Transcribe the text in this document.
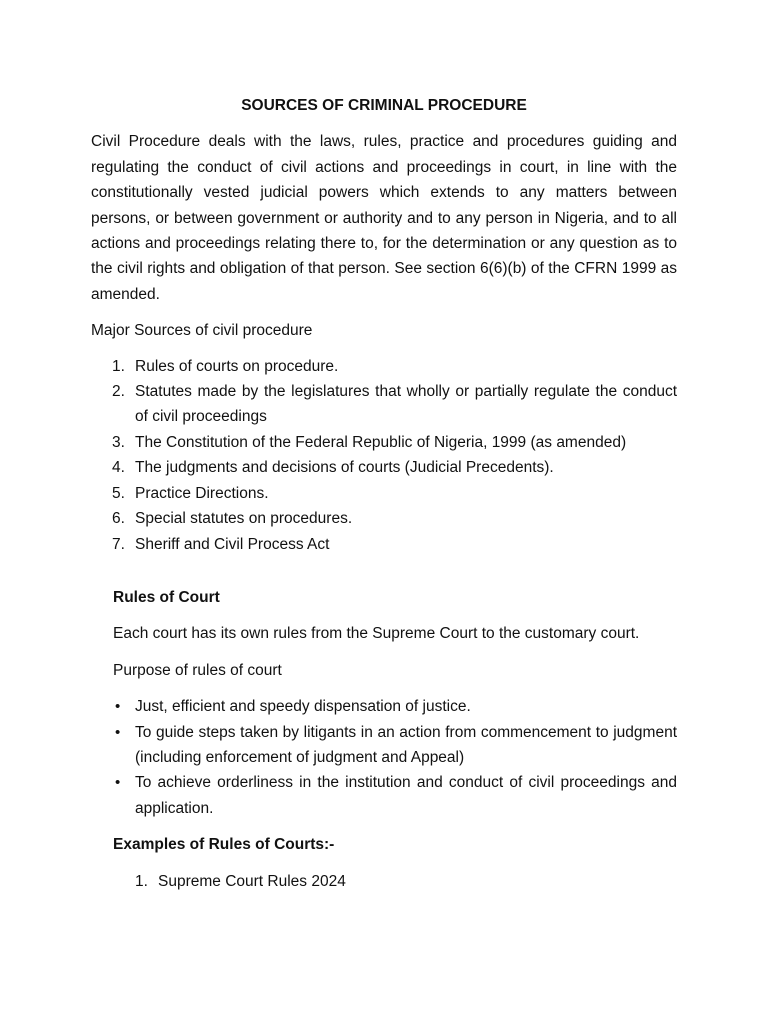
SOURCES OF CRIMINAL PROCEDURE

Civil Procedure deals with the laws, rules, practice and procedures guiding and regulating the conduct of civil actions and proceedings in court, in line with the constitutionally vested judicial powers which extends to any matters between persons, or between government or authority and to any person in Nigeria, and to all actions and proceedings relating there to, for the determination or any question as to the civil rights and obligation of that person. See section 6(6)(b) of the CFRN 1999 as amended.

Major Sources of civil procedure

1. Rules of courts on procedure.
2. Statutes made by the legislatures that wholly or partially regulate the conduct of civil proceedings
3. The Constitution of the Federal Republic of Nigeria, 1999 (as amended)
4. The judgments and decisions of courts (Judicial Precedents).
5. Practice Directions.
6. Special statutes on procedures.
7. Sheriff and Civil Process Act

Rules of Court

Each court has its own rules from the Supreme Court to the customary court.

Purpose of rules of court

• Just, efficient and speedy dispensation of justice.
• To guide steps taken by litigants in an action from commencement to judgment (including enforcement of judgment and Appeal)
• To achieve orderliness in the institution and conduct of civil proceedings and application.

Examples of Rules of Courts:-

1. Supreme Court Rules 2024
